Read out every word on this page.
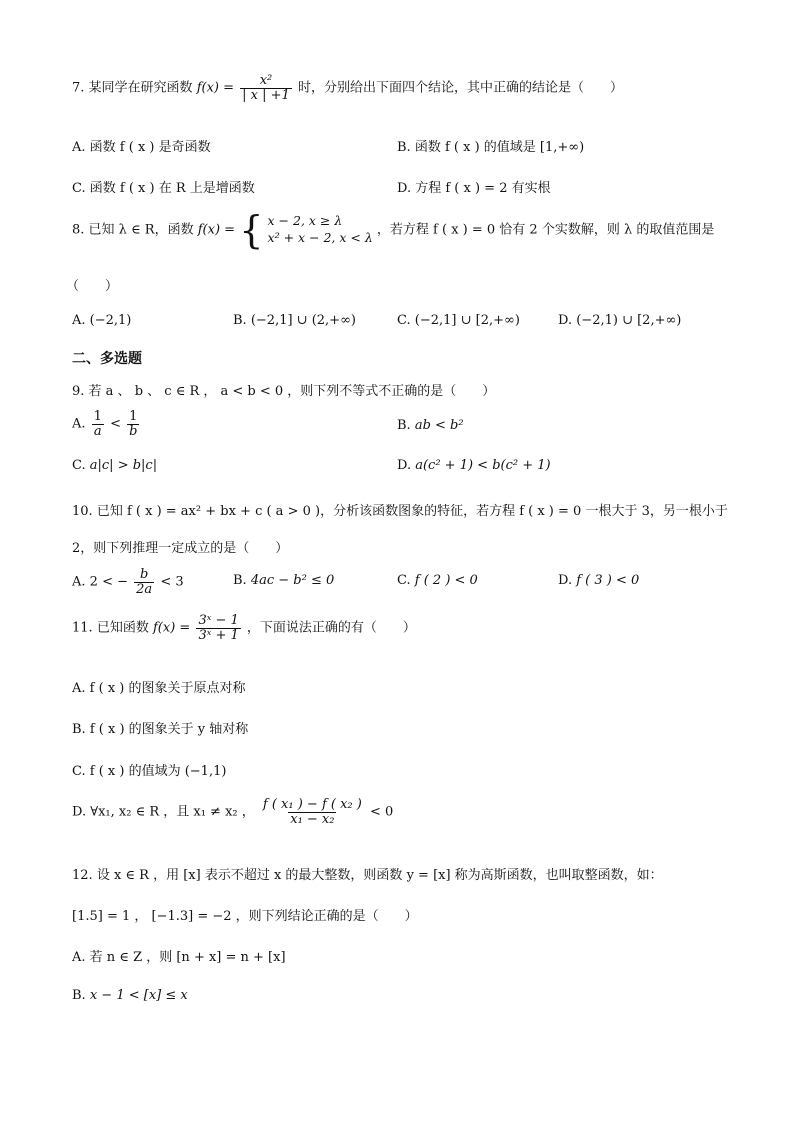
7. 某同学在研究函数 $f(x) = \frac{\text{x²}}{| x | +1}$ 时，分别给出下面四个结论，其中正确的结论是（　　）
A. 函数 f ( x ) 是奇函数	B. 函数 f ( x ) 的值域是 [1,+∞)
C. 函数 f ( x ) 在 R 上是增函数	D. 方程 f ( x ) = 2 有实根
8. 已知 λ ∈ R，函数 f(x) = { x − 2, x ≥ λ
x² + x − 2, x < λ ，若方程 f ( x ) = 0 恰有 2 个实数解，则 λ 的取值范围是
（　　）
A. (−2,1)	B. (−2,1] ∪ (2,+∞)	C. (−2,1] ∪ [2,+∞)	D. (−2,1) ∪ [2,+∞)
二、多选题
9. 若 a 、 b 、 c ∈ R ， a < b < 0 ，则下列不等式不正确的是（　　）
A. $\frac{1}{a} < \frac{1}{b}$	B. ab < b²
C. a|c| > b|c|	D. a(c² + 1) < b(c² + 1)
10. 已知 f ( x ) = ax² + bx + c ( a > 0 )，分析该函数图象的特征，若方程 f ( x ) = 0 一根大于 3，另一根小于
2，则下列推理一定成立的是（　　）
A. 2 < − $\frac{b}{2a} < 3$	B. 4ac − b² ≤ 0	C. f ( 2 ) < 0	D. f ( 3 ) < 0
11. 已知函数 $f(x) = \frac{\text{3ˣ − 1}}{\text{3ˣ + 1}}$ ，下面说法正确的有（　　）
A. f ( x ) 的图象关于原点对称
B. f ( x ) 的图象关于 y 轴对称
C. f ( x ) 的值域为 (−1,1)
D. ∀x₁, x₂ ∈ R ，且 x₁ ≠ x₂ ， $\frac{\text{f ( x₁ ) − f ( x₂ )}}{\text{x₁ − x₂}} < 0$
12. 设 x ∈ R ，用 [x] 表示不超过 x 的最大整数，则函数 y = [x] 称为高斯函数，也叫取整函数，如：
[1.5] = 1 ， [−1.3] = −2 ，则下列结论正确的是（　　）
A. 若 n ∈ Z ，则 [n + x] = n + [x]
B. x − 1 < [x] ≤ x
